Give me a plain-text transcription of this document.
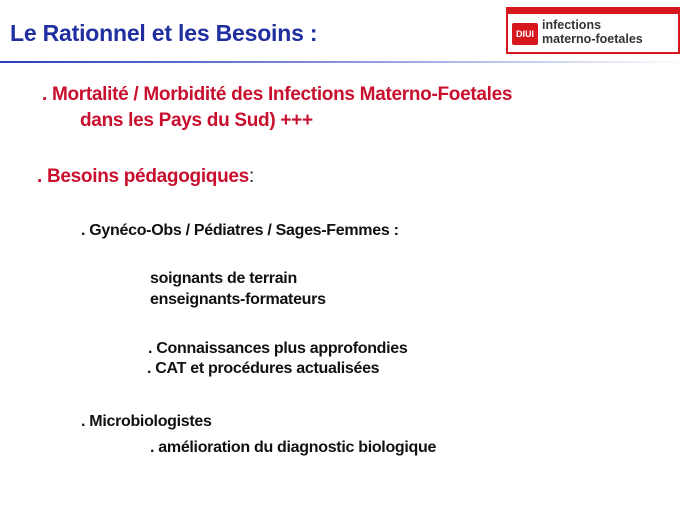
Le Rationnel et les Besoins :	DIUI
infections
materno-foetales
. Mortalité / Morbidité des Infections Materno-Foetales
dans les Pays du Sud) +++
. Besoins pédagogiques:
. Gynéco-Obs / Pédiatres / Sages-Femmes :
soignants de terrain
enseignants-formateurs
. Connaissances plus approfondies
. CAT et procédures actualisées
. Microbiologistes
. amélioration du diagnostic biologique
